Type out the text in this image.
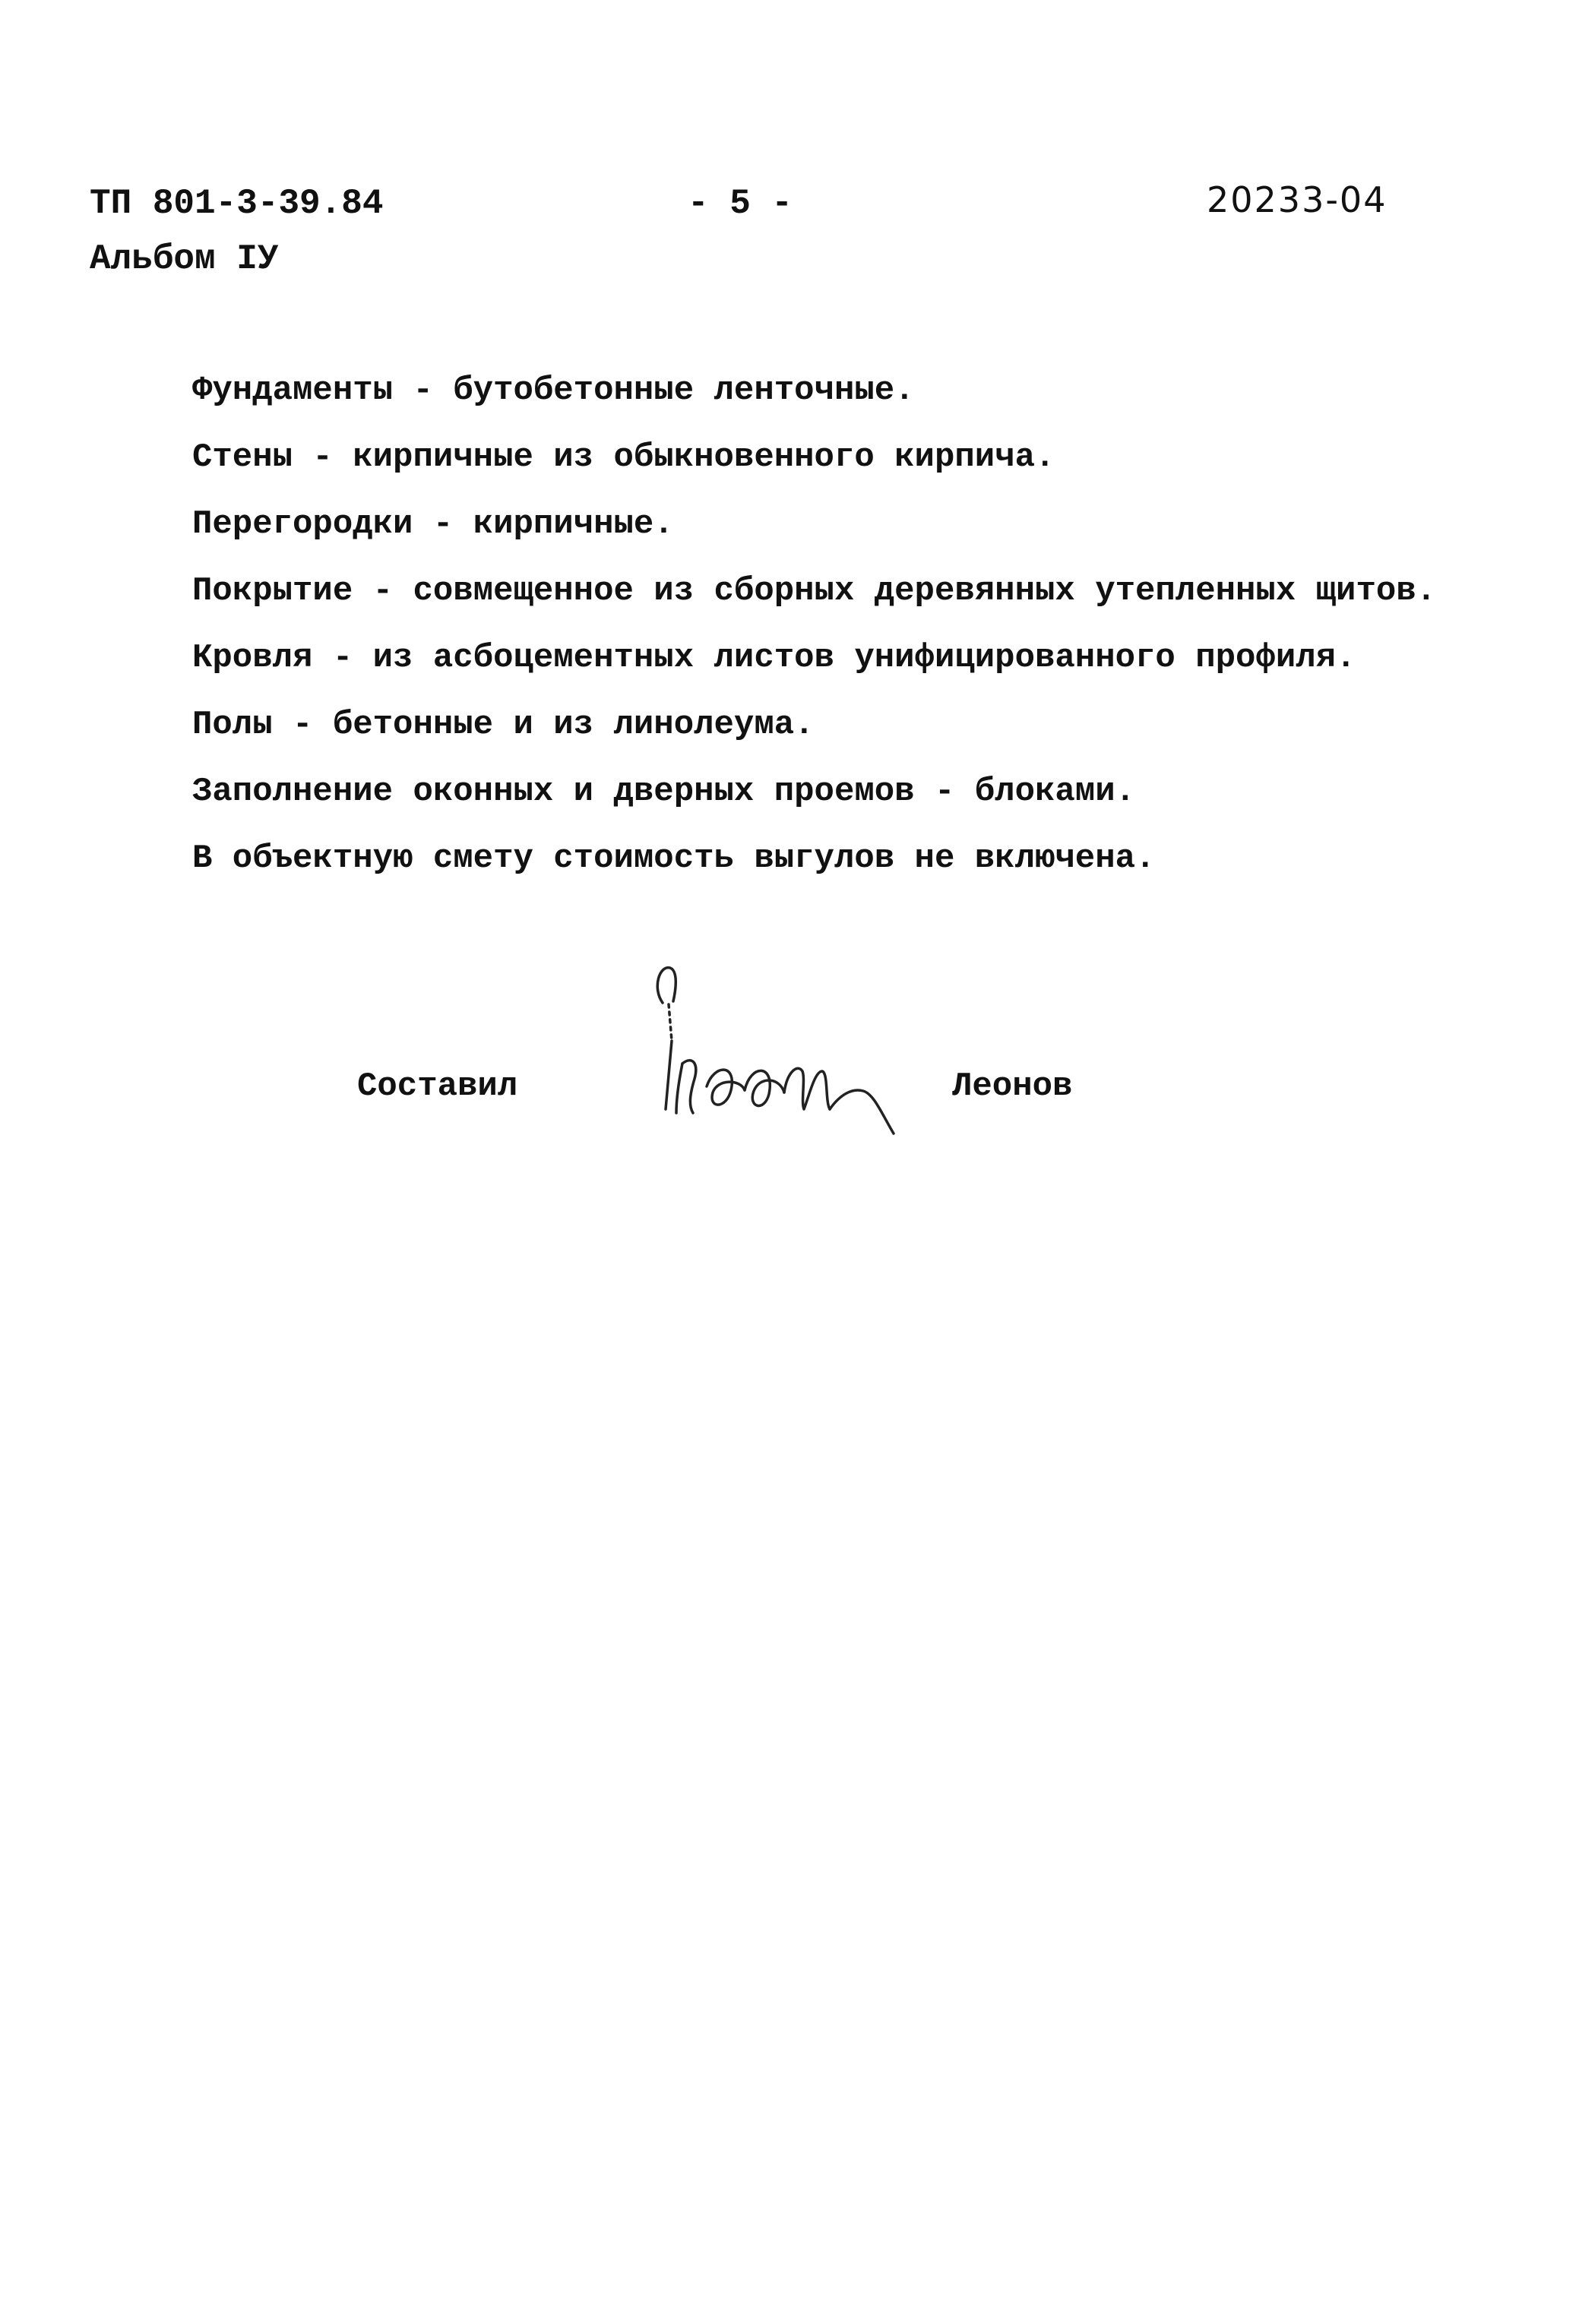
ТП 801-3-39.84
Альбом IУ
- 5 -	20233-04
Фундаменты - бутобетонные ленточные.
Стены - кирпичные из обыкновенного кирпича.
Перегородки - кирпичные.
Покрытие - совмещенное из сборных деревянных утепленных щитов.
Кровля - из асбоцементных листов унифицированного профиля.
Полы - бетонные и из линолеума.
Заполнение оконных и дверных проемов - блоками.
В объектную смету стоимость выгулов не включена.
Составил	Леонов
